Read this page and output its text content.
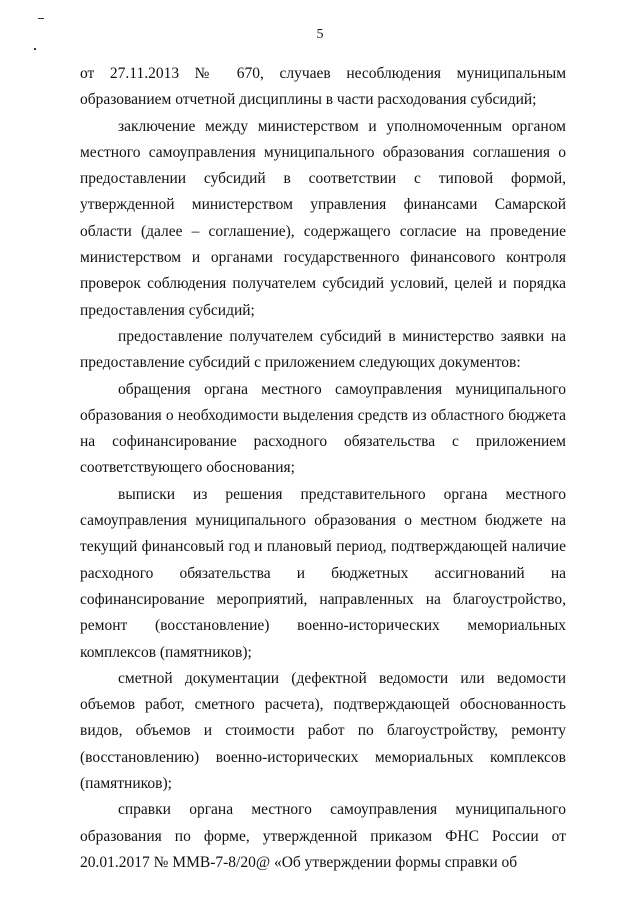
5

от 27.11.2013 № 670, случаев несоблюдения муниципальным образованием отчетной дисциплины в части расходования субсидий;

заключение между министерством и уполномоченным органом местного самоуправления муниципального образования соглашения о предоставлении субсидий в соответствии с типовой формой, утвержденной министерством управления финансами Самарской области (далее – соглашение), содержащего согласие на проведение министерством и органами государственного финансового контроля проверок соблюдения получателем субсидий условий, целей и порядка предоставления субсидий;

предоставление получателем субсидий в министерство заявки на предоставление субсидий с приложением следующих документов:

обращения органа местного самоуправления муниципального образования о необходимости выделения средств из областного бюджета на софинансирование расходного обязательства с приложением соответствующего обоснования;

выписки из решения представительного органа местного самоуправления муниципального образования о местном бюджете на текущий финансовый год и плановый период, подтверждающей наличие расходного обязательства и бюджетных ассигнований на софинансирование мероприятий, направленных на благоустройство, ремонт (восстановление) военно-исторических мемориальных комплексов (памятников);

сметной документации (дефектной ведомости или ведомости объемов работ, сметного расчета), подтверждающей обоснованность видов, объемов и стоимости работ по благоустройству, ремонту (восстановлению) военно-исторических мемориальных комплексов (памятников);

справки органа местного самоуправления муниципального образования по форме, утвержденной приказом ФНС России от 20.01.2017 № ММВ-7-8/20@ «Об утверждении формы справки об
